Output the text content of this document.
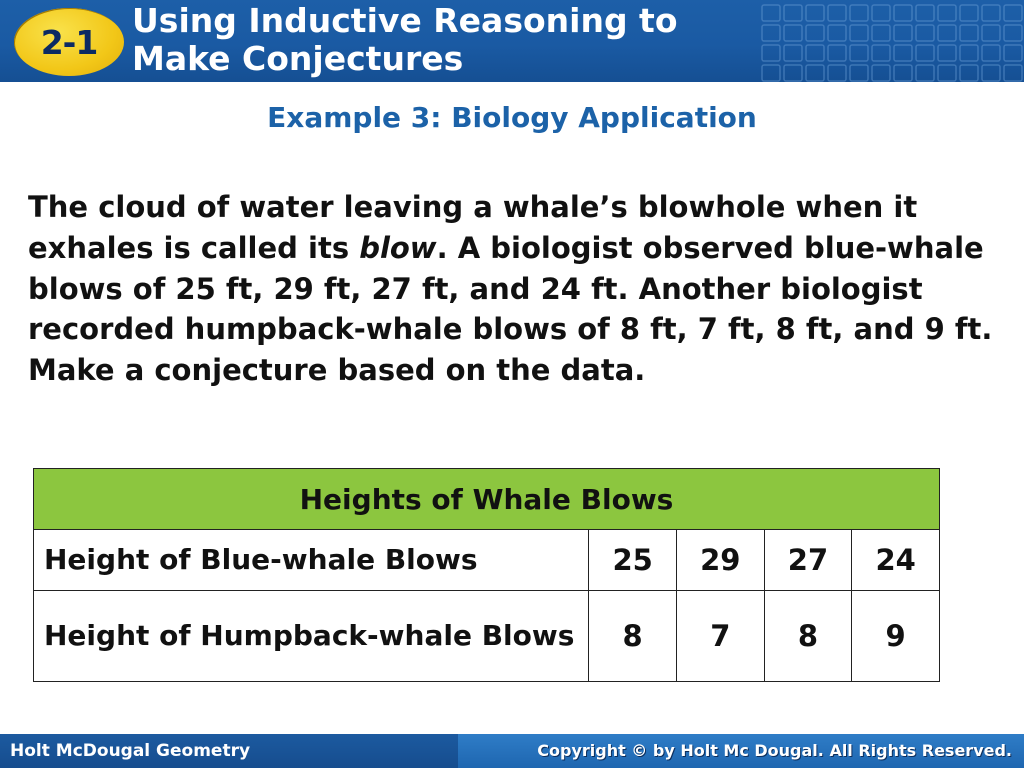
2-1
Using Inductive Reasoning to
Make Conjectures
Example 3: Biology Application

The cloud of water leaving a whale’s blowhole when it exhales is called its blow. A biologist observed blue-whale blows of 25 ft, 29 ft, 27 ft, and 24 ft. Another biologist recorded humpback-whale blows of 8 ft, 7 ft, 8 ft, and 9 ft. Make a conjecture based on the data.

Heights of Whale Blows				
Height of Blue-whale Blows	25	29	27	24
Height of Humpback-whale Blows	8	7	8	9

Holt McDougal Geometry	Copyright © by Holt Mc Dougal. All Rights Reserved.
